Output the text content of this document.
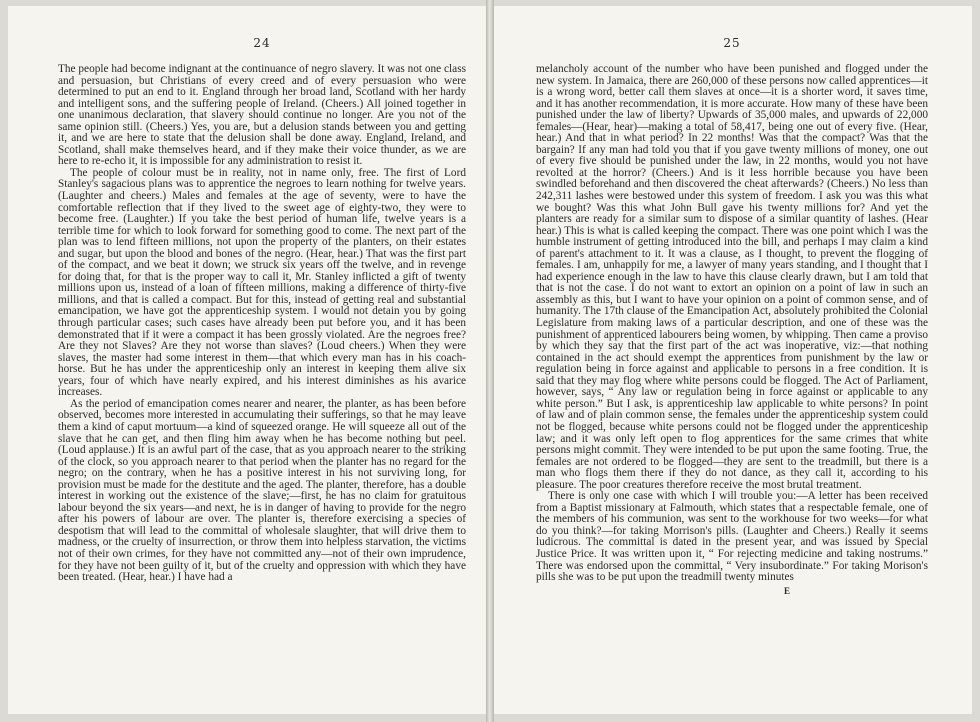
24

The people had become indignant at the continuance of negro slavery. It was not one class and persuasion, but Christians of every creed and of every persuasion who were determined to put an end to it. England through her broad land, Scotland with her hardy and intelligent sons, and the suffering people of Ireland. (Cheers.) All joined together in one unanimous declaration, that slavery should continue no longer. Are you not of the same opinion still. (Cheers.) Yes, you are, but a delusion stands between you and getting it, and we are here to state that the delusion shall be done away. England, Ireland, and Scotland, shall make themselves heard, and if they make their voice thunder, as we are here to re-echo it, it is impossible for any administration to resist it.

The people of colour must be in reality, not in name only, free. The first of Lord Stanley's sagacious plans was to apprentice the negroes to learn nothing for twelve years. (Laughter and cheers.) Males and females at the age of seventy, were to have the comfortable reflection that if they lived to the sweet age of eighty-two, they were to become free. (Laughter.) If you take the best period of human life, twelve years is a terrible time for which to look forward for something good to come. The next part of the plan was to lend fifteen millions, not upon the property of the planters, on their estates and sugar, but upon the blood and bones of the negro. (Hear, hear.) That was the first part of the compact, and we beat it down; we struck six years off the twelve, and in revenge for doing that, for that is the proper way to call it, Mr. Stanley inflicted a gift of twenty millions upon us, instead of a loan of fifteen millions, making a difference of thirty-five millions, and that is called a compact. But for this, instead of getting real and substantial emancipation, we have got the apprenticeship system. I would not detain you by going through particular cases; such cases have already been put before you, and it has been demonstrated that if it were a compact it has been grossly violated. Are the negroes free? Are they not Slaves? Are they not worse than slaves? (Loud cheers.) When they were slaves, the master had some interest in them—that which every man has in his coach-horse. But he has under the apprenticeship only an interest in keeping them alive six years, four of which have nearly expired, and his interest diminishes as his avarice increases.

As the period of emancipation comes nearer and nearer, the planter, as has been before observed, becomes more interested in accumulating their sufferings, so that he may leave them a kind of caput mortuum—a kind of squeezed orange. He will squeeze all out of the slave that he can get, and then fling him away when he has become nothing but peel. (Loud applause.) It is an awful part of the case, that as you approach nearer to the striking of the clock, so you approach nearer to that period when the planter has no regard for the negro; on the contrary, when he has a positive interest in his not surviving long, for provision must be made for the destitute and the aged. The planter, therefore, has a double interest in working out the existence of the slave;—first, he has no claim for gratuitous labour beyond the six years—and next, he is in danger of having to provide for the negro after his powers of labour are over. The planter is, therefore exercising a species of despotism that will lead to the committal of wholesale slaughter, that will drive them to madness, or the cruelty of insurrection, or throw them into helpless starvation, the victims not of their own crimes, for they have not committed any—not of their own imprudence, for they have not been guilty of it, but of the cruelty and oppression with which they have been treated. (Hear, hear.) I have had a

25

melancholy account of the number who have been punished and flogged under the new system. In Jamaica, there are 260,000 of these persons now called apprentices—it is a wrong word, better call them slaves at once—it is a shorter word, it saves time, and it has another recommendation, it is more accurate. How many of these have been punished under the law of liberty? Upwards of 35,000 males, and upwards of 22,000 females—(Hear, hear)—making a total of 58,417, being one out of every five. (Hear, hear.) And that in what period? In 22 months! Was that the compact? Was that the bargain? If any man had told you that if you gave twenty millions of money, one out of every five should be punished under the law, in 22 months, would you not have revolted at the horror? (Cheers.) And is it less horrible because you have been swindled beforehand and then discovered the cheat afterwards? (Cheers.) No less than 242,311 lashes were bestowed under this system of freedom. I ask you was this what we bought? Was this what John Bull gave his twenty millions for? And yet the planters are ready for a similar sum to dispose of a similar quantity of lashes. (Hear hear.) This is what is called keeping the compact. There was one point which I was the humble instrument of getting introduced into the bill, and perhaps I may claim a kind of parent's attachment to it. It was a clause, as I thought, to prevent the flogging of females. I am, unhappily for me, a lawyer of many years standing, and I thought that I had experience enough in the law to have this clause clearly drawn, but I am told that that is not the case. I do not want to extort an opinion on a point of law in such an assembly as this, but I want to have your opinion on a point of common sense, and of humanity. The 17th clause of the Emancipation Act, absolutely prohibited the Colonial Legislature from making laws of a particular description, and one of these was the punishment of apprenticed labourers being women, by whipping. Then came a proviso by which they say that the first part of the act was inoperative, viz:—that nothing contained in the act should exempt the apprentices from punishment by the law or regulation being in force against and applicable to persons in a free condition. It is said that they may flog where white persons could be flogged. The Act of Parliament, however, says, “ Any law or regulation being in force against or applicable to any white person.” But I ask, is apprenticeship law applicable to white persons? In point of law and of plain common sense, the females under the apprenticeship system could not be flogged, because white persons could not be flogged under the apprenticeship law; and it was only left open to flog apprentices for the same crimes that white persons might commit. They were intended to be put upon the same footing. True, the females are not ordered to be flogged—they are sent to the treadmill, but there is a man who flogs them there if they do not dance, as they call it, according to his pleasure. The poor creatures therefore receive the most brutal treatment.

There is only one case with which I will trouble you:—A letter has been received from a Baptist missionary at Falmouth, which states that a respectable female, one of the members of his communion, was sent to the workhouse for two weeks—for what do you think?—for taking Morrison's pills. (Laughter and Cheers.) Really it seems ludicrous. The committal is dated in the present year, and was issued by Special Justice Price. It was written upon it, “ For rejecting medicine and taking nostrums.” There was endorsed upon the committal, “ Very insubordinate.” For taking Morison's pills she was to be put upon the treadmill twenty minutes

E
